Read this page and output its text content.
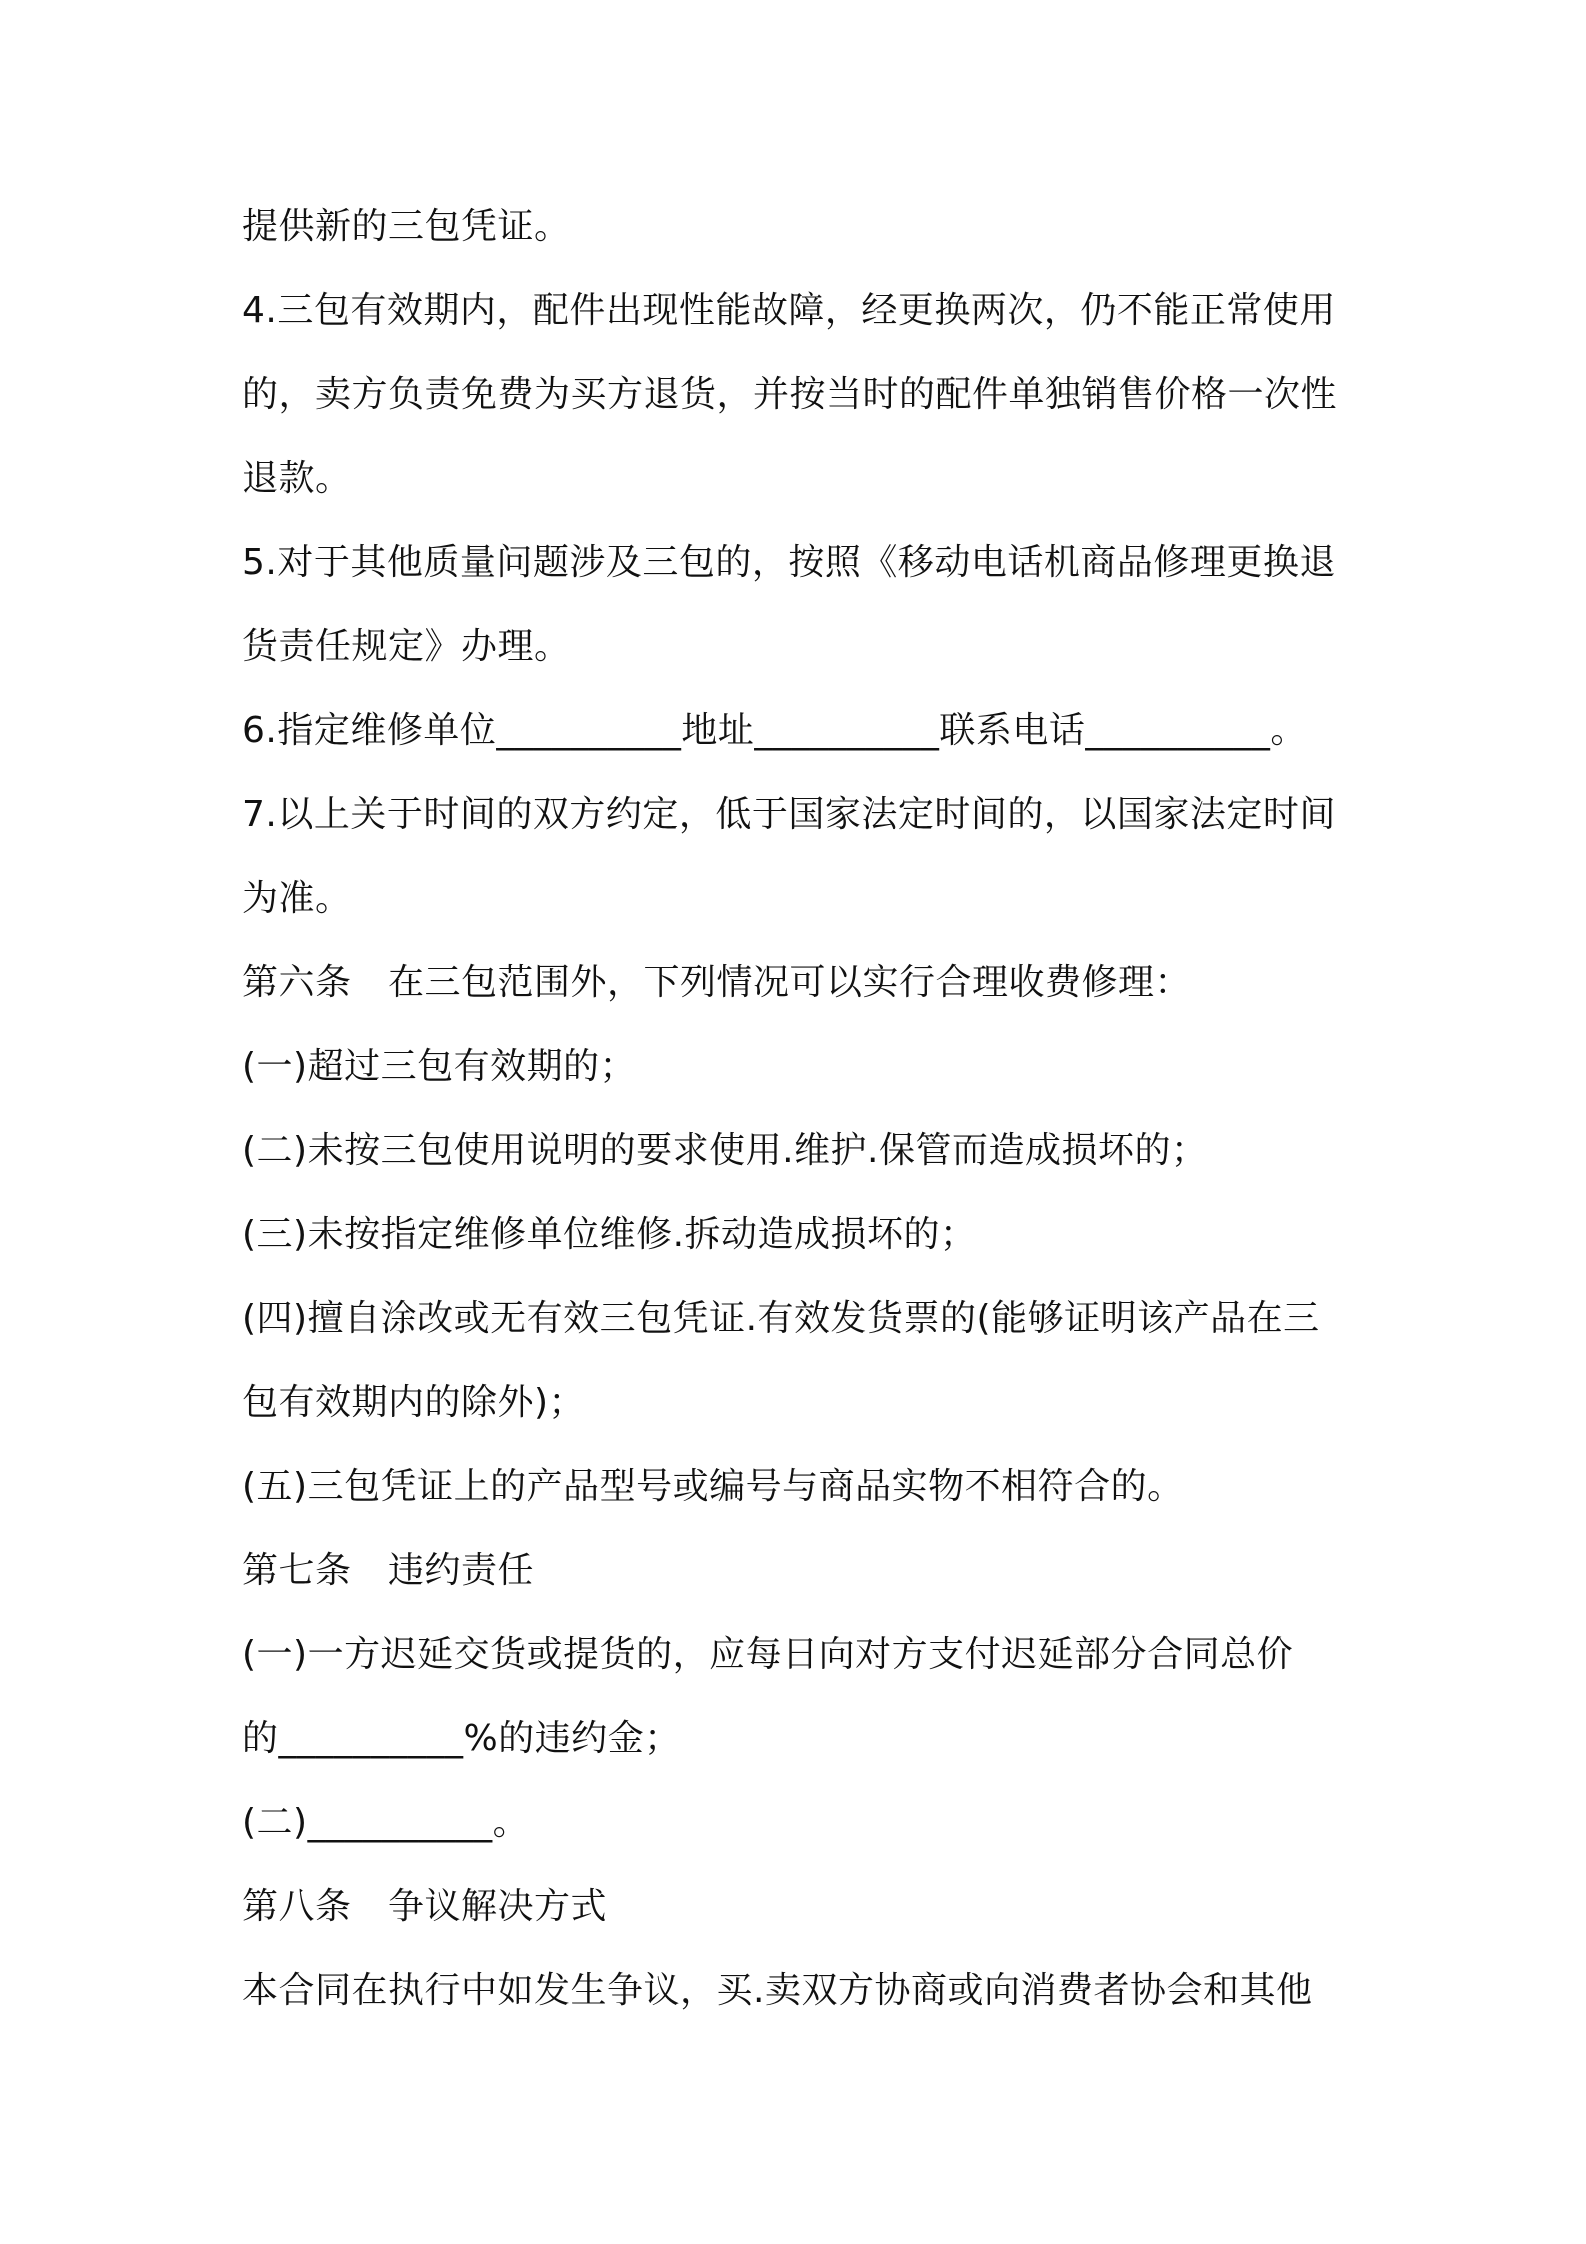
提供新的三包凭证。
4.三包有效期内，配件出现性能故障，经更换两次，仍不能正常使用
的，卖方负责免费为买方退货，并按当时的配件单独销售价格一次性
退款。
5.对于其他质量问题涉及三包的，按照《移动电话机商品修理更换退
货责任规定》办理。
6.指定维修单位__________地址__________联系电话__________。
7.以上关于时间的双方约定，低于国家法定时间的，以国家法定时间
为准。
第六条　在三包范围外，下列情况可以实行合理收费修理：
(一)超过三包有效期的；
(二)未按三包使用说明的要求使用.维护.保管而造成损坏的；
(三)未按指定维修单位维修.拆动造成损坏的；
(四)擅自涂改或无有效三包凭证.有效发货票的(能够证明该产品在三
包有效期内的除外)；
(五)三包凭证上的产品型号或编号与商品实物不相符合的。
第七条　违约责任
(一)一方迟延交货或提货的，应每日向对方支付迟延部分合同总价
的__________%的违约金；
(二)__________。
第八条　争议解决方式
本合同在执行中如发生争议，买.卖双方协商或向消费者协会和其他
